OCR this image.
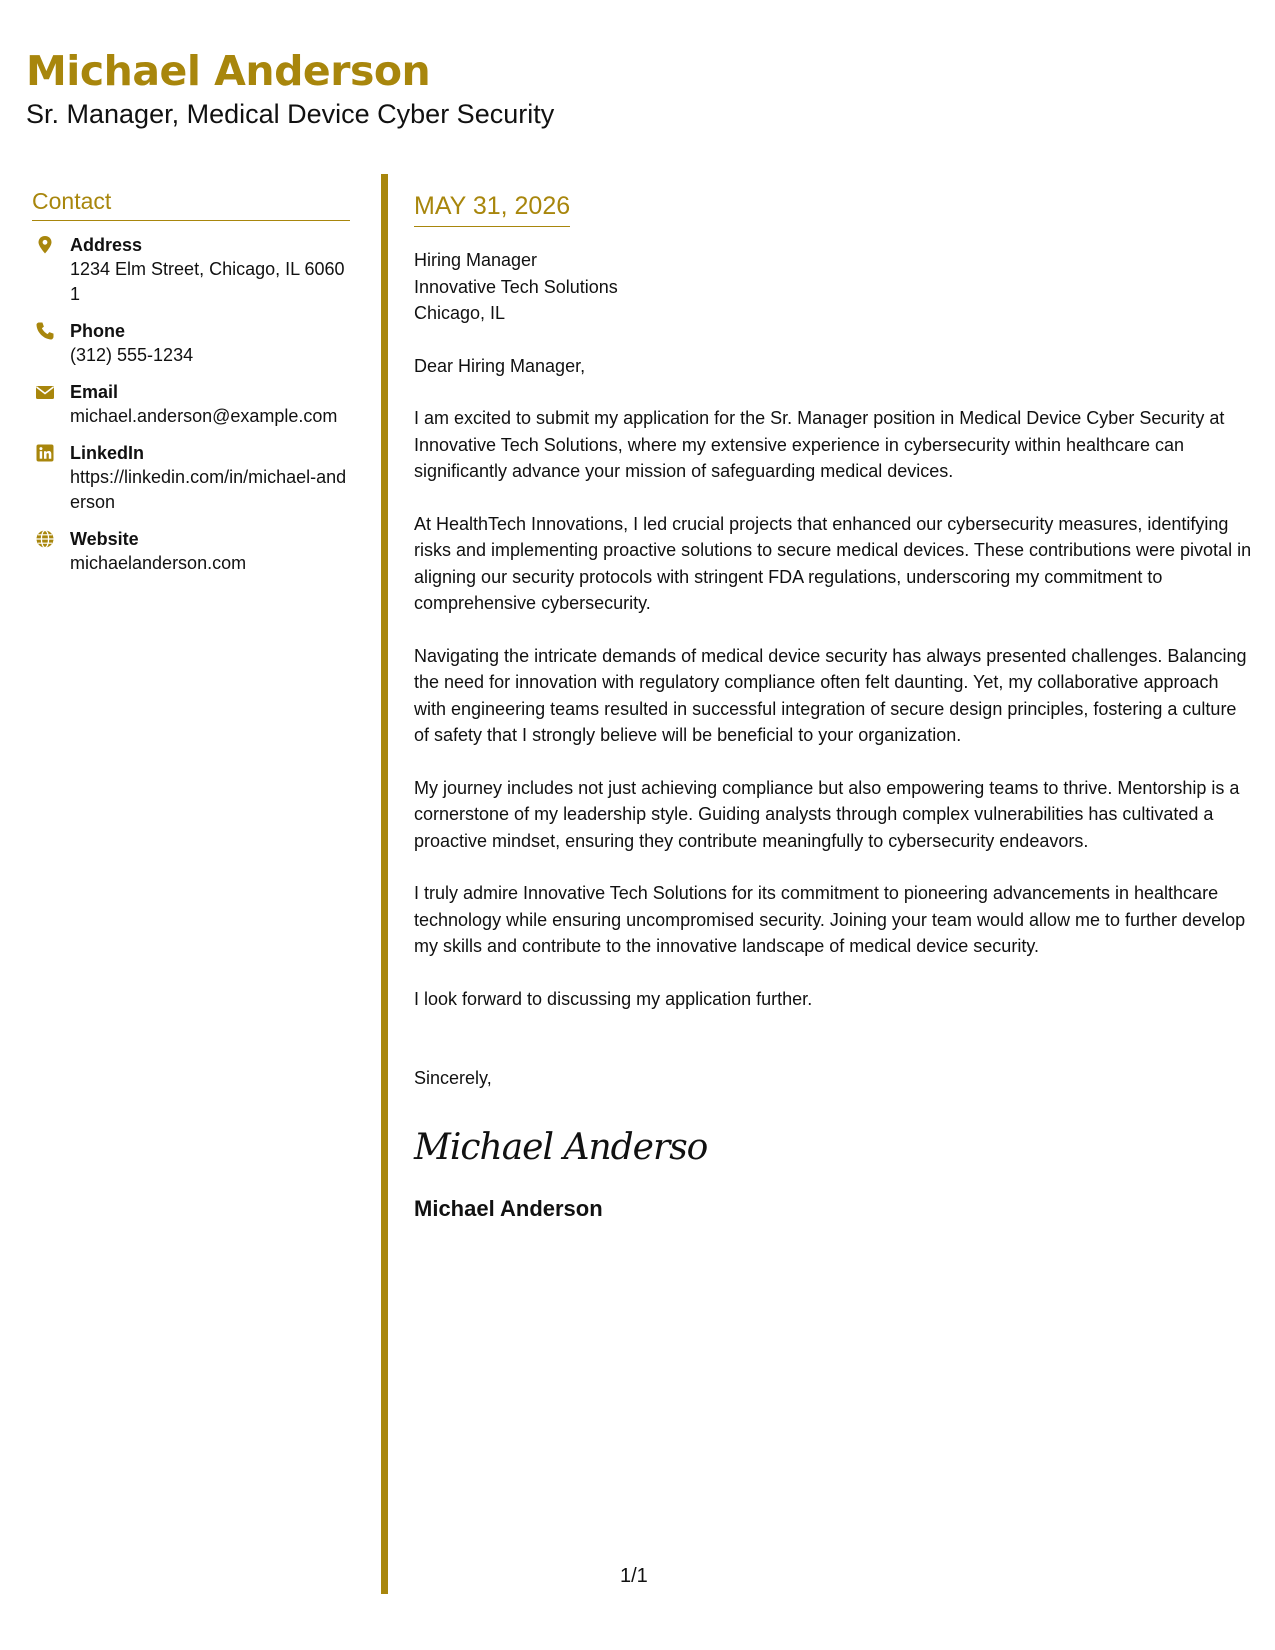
Michael Anderson
Sr. Manager, Medical Device Cyber Security
Contact
Address
1234 Elm Street, Chicago, IL 60601
Phone
(312) 555-1234
Email
michael.anderson@example.com
LinkedIn
https://linkedin.com/in/michael-anderson
Website
michaelanderson.com
MAY 31, 2026
Hiring Manager
Innovative Tech Solutions
Chicago, IL
Dear Hiring Manager,
I am excited to submit my application for the Sr. Manager position in Medical Device Cyber Security at Innovative Tech Solutions, where my extensive experience in cybersecurity within healthcare can significantly advance your mission of safeguarding medical devices.
At HealthTech Innovations, I led crucial projects that enhanced our cybersecurity measures, identifying risks and implementing proactive solutions to secure medical devices. These contributions were pivotal in aligning our security protocols with stringent FDA regulations, underscoring my commitment to comprehensive cybersecurity.
Navigating the intricate demands of medical device security has always presented challenges. Balancing the need for innovation with regulatory compliance often felt daunting. Yet, my collaborative approach with engineering teams resulted in successful integration of secure design principles, fostering a culture of safety that I strongly believe will be beneficial to your organization.
My journey includes not just achieving compliance but also empowering teams to thrive. Mentorship is a cornerstone of my leadership style. Guiding analysts through complex vulnerabilities has cultivated a proactive mindset, ensuring they contribute meaningfully to cybersecurity endeavors.
I truly admire Innovative Tech Solutions for its commitment to pioneering advancements in healthcare technology while ensuring uncompromised security. Joining your team would allow me to further develop my skills and contribute to the innovative landscape of medical device security.
I look forward to discussing my application further.
Sincerely,
Michael Anderso
Michael Anderson
1/1
